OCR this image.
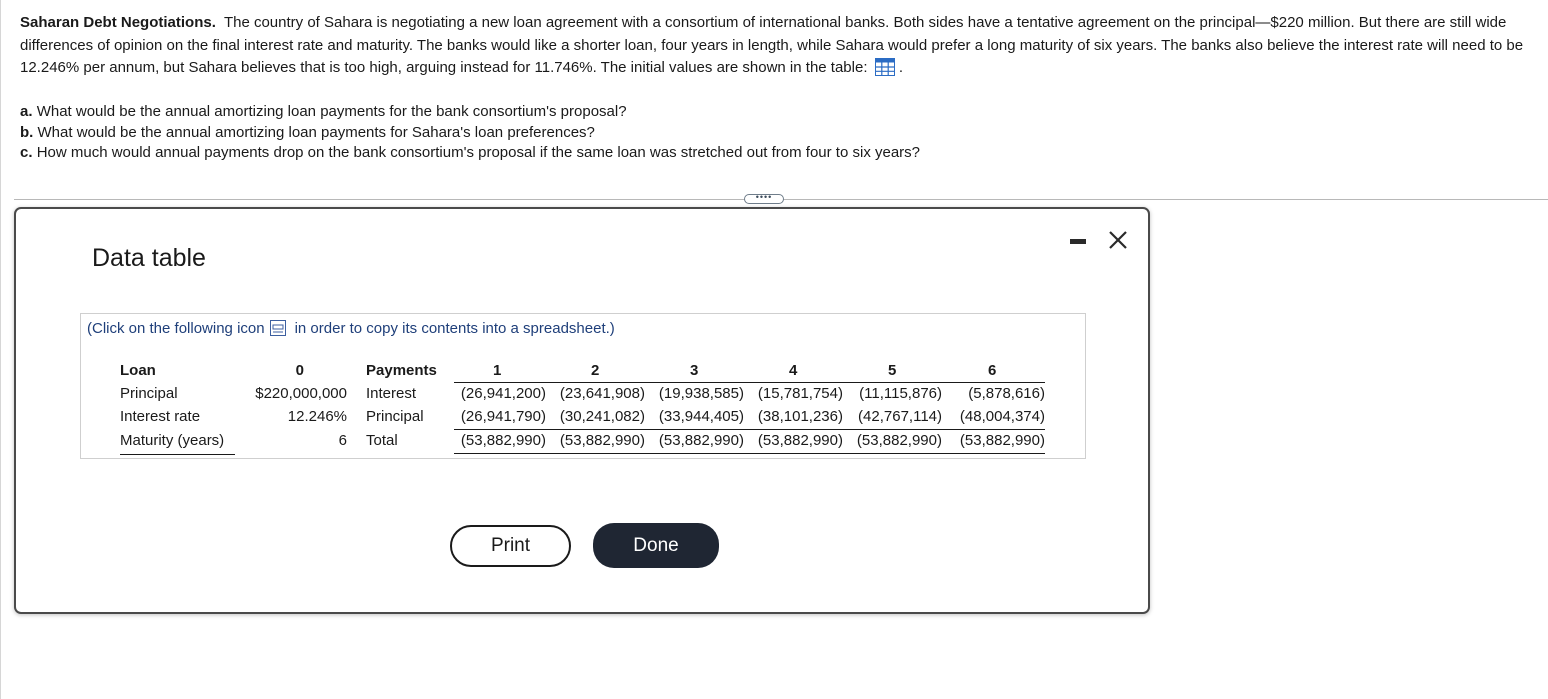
Saharan Debt Negotiations. The country of Sahara is negotiating a new loan agreement with a consortium of international banks. Both sides have a tentative agreement on the principal—$220 million. But there are still wide differences of opinion on the final interest rate and maturity. The banks would like a shorter loan, four years in length, while Sahara would prefer a long maturity of six years. The banks also believe the interest rate will need to be 12.246% per annum, but Sahara believes that is too high, arguing instead for 11.746%. The initial values are shown in the table: .

a. What would be the annual amortizing loan payments for the bank consortium's proposal?
b. What would be the annual amortizing loan payments for Sahara's loan preferences?
c. How much would annual payments drop on the bank consortium's proposal if the same loan was stretched out from four to six years?
••••
Data table
(Click on the following icon in order to copy its contents into a spreadsheet.)
Loan	0
Principal	$220,000,000
Interest rate	12.246%
Maturity (years)	6
Payments	1	2	3	4	5	6
Interest	(26,941,200) (23,641,908) (19,938,585) (15,781,754)	(11,115,876)	(5,878,616)
Principal	(26,941,790) (30,241,082) (33,944,405) (38,101,236)	(42,767,114)	(48,004,374)
Total	(53,882,990) (53,882,990) (53,882,990) (53,882,990) (53,882,990)	(53,882,990)
Print	Done
